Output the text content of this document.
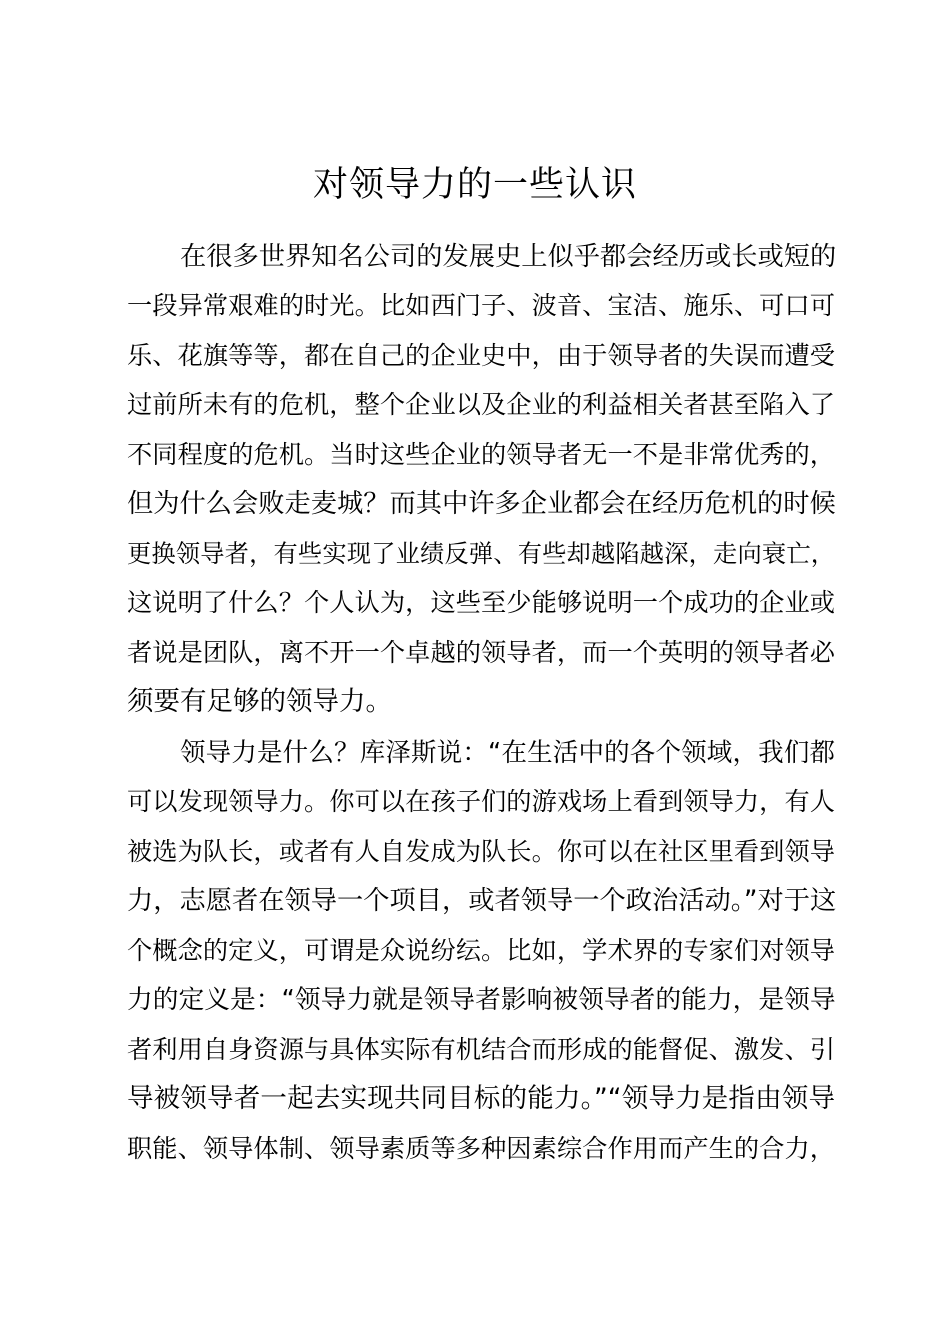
对领导力的一些认识
在很多世界知名公司的发展史上似乎都会经历或长或短的
一段异常艰难的时光。比如西门子、波音、宝洁、施乐、可口可
乐、花旗等等，都在自己的企业史中，由于领导者的失误而遭受
过前所未有的危机，整个企业以及企业的利益相关者甚至陷入了
不同程度的危机。当时这些企业的领导者无一不是非常优秀的，
但为什么会败走麦城？而其中许多企业都会在经历危机的时候
更换领导者，有些实现了业绩反弹、有些却越陷越深，走向衰亡，
这说明了什么？个人认为，这些至少能够说明一个成功的企业或
者说是团队，离不开一个卓越的领导者，而一个英明的领导者必
须要有足够的领导力。
领导力是什么？库泽斯说：“在生活中的各个领域，我们都
可以发现领导力。你可以在孩子们的游戏场上看到领导力，有人
被选为队长，或者有人自发成为队长。你可以在社区里看到领导
力，志愿者在领导一个项目，或者领导一个政治活动。”对于这
个概念的定义，可谓是众说纷纭。比如，学术界的专家们对领导
力的定义是：“领导力就是领导者影响被领导者的能力，是领导
者利用自身资源与具体实际有机结合而形成的能督促、激发、引
导被领导者一起去实现共同目标的能力。”“领导力是指由领导
职能、领导体制、领导素质等多种因素综合作用而产生的合力，
